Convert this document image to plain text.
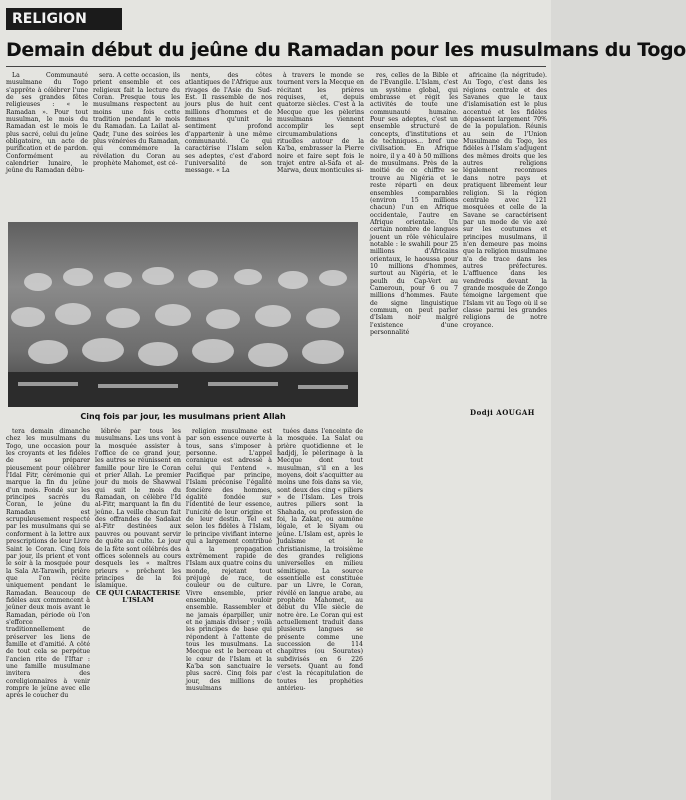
RELIGION
Demain début du jeûne du Ramadan pour les musulmans du Togo

La Communauté musulmane du Togo s'apprête à célébrer l'une de ses grandes fêtes religieuses : « le Ramadan ». Pour tout musulman, le mois du Ramadan est le mois le plus sacré, celui du jeûne obligatoire, un acte de purification et de pardon. Conformément au calendrier lunaire, le jeûne du Ramadan débu-

sera. A cette occasion, ils prient ensemble et ces religieux fait la lecture du Coran. Presque tous les musulmans respectent au moins une fois cette tradition pendant le mois du Ramadan. La Lailat al-Qadr, l'une des soirées les plus vénérées du Ramadan, qui commémore la révélation du Coran au prophète Mahomet, est cé-

nents, des côtes atlantiques de l'Afrique aux rivages de l'Asie du Sud-Est. Il rassemble de nos jours plus de huit cent millions d'hommes et de femmes qu'unit le sentiment profond d'appartenir à une même communauté. Ce qui caractérise l'Islam selon ses adeptes, c'est d'abord l'universalité de son message. « La

à travers le monde se tournent vers la Mecque en récitant les prières requises, et, depuis quatorze siècles. C'est à la Mecque que les pèlerins musulmans viennent accomplir les sept circumambulations rituelles autour de la Ka'ba, embrasser la Pierre noire et faire sept fois le trajet entre al-Safa et al-Marwa, deux monticules si-

res, celles de la Bible et de l'Evangile. L'Islam, c'est un système global, qui embrasse et régit les activités de toute une communauté humaine. Pour ses adeptes, c'est un ensemble structuré de concepts, d'institutions et de techniques... bref une civilisation. En Afrique noire, il y a 40 à 50 millions de musulmans. Près de la moitié de ce chiffre se trouve au Nigéria et le reste réparti en deux ensembles comparables (environ 15 millions chacun) l'un en Afrique occidentale, l'autre en Afrique orientale. Un certain nombre de langues jouent un rôle véhiculaire notable : le swahili pour 25 millions d'Africains orientaux, le haoussa pour 10 millions d'hommes, surtout au Nigéria, et le peulh du Cap-Vert au Cameroun, pour 6 ou 7 millions d'hommes. Faute de signe linguistique commun, on peut parler d'Islam noir malgré l'existence d'une personnalité

africaine (la négritude). Au Togo, c'est dans les régions centrale et des Savanes que le taux d'islamisation est le plus accentué et les fidèles dépassent largement 70% de la population. Réunis au sein de l'Union Musulmane du Togo, les fidèles à l'Islam s'adjugent des mêmes droits que les autres religions légalement reconnues dans notre pays et pratiquent librement leur religion. Si la région centrale avec 121 mosquées et celle de la Savane se caractérisent par un mode de vie axé sur les coutumes et principes musulmans, il n'en demeure pas moins que la religion musulmane n'a de trace dans les autres préfectures. L'affluence dans les vendredis devant la grande mosquée de Zongo témoigne largement que l'Islam vit au Togo où il se classe parmi les grandes religions de notre croyance.

Cinq fois par jour, les musulmans prient Allah	Dodji AOUGAH

tera demain dimanche chez les musulmans du Togo, une occasion pour les croyants et les fidèles de se préparer pieusement pour célébrer l'Idal Fitr, cérémonie qui marque la fin du jeûne d'un mois. Fondé sur les principes sacrés du Coran, le jeûne du Ramadan est scrupuleusement respecté par les musulmans qui se conforment à la lettre aux prescriptions de leur Livre Saint le Coran. Cinq fois par jour, ils prient et vont le soir à la mosquée pour la Sala At-Tarawih, prière que l'on récite uniquement pendant le Ramadan. Beaucoup de fidèles aux commencent à jeûner deux mois avant le Ramadan, période où l'on s'efforce traditionnellement de préserver les liens de famille et d'amitié. A côté de tout cela se perpétue l'ancien rite de l'Iftar : une famille musulmane invitera des coreligionnaires à venir rompre le jeûne avec elle après le coucher du

lébrée par tous les musulmans. Les uns vont à la mosquée assister à l'office de ce grand jour, les autres se réunissent en famille pour lire le Coran et prier Allah. Le premier jour du mois de Shawwal qui suit le mois du Ramadan, on célèbre l'Id al-Fitr, marquant la fin du jeûne. La veille chacun fait des offrandes de Sadakat al-Fitr destinées aux pauvres ou pouvant servir de quête au culte. Le jour de la fête sont célébrés des offices solennels au cours desquels les « maîtres prieurs » prêchent les principes de la foi islamique.

CE QUI CARACTERISE L'ISLAM

religion musulmane est par son essence ouverte à tous, sans s'imposer à personne. L'appel coranique est adressé à celui qui l'entend ». Pacifique par principe, l'Islam préconise l'égalité foncière des hommes, égalité fondée sur l'identité de leur essence, l'unicité de leur origine et de leur destin. Tel est selon les fidèles à l'Islam, le principe vivifiant interne qui a largement contribué à la propagation extrêmement rapide de l'Islam aux quatre coins du monde, rejetant tout préjugé de race, de couleur ou de culture. Vivre ensemble, prier ensemble, vouloir ensemble. Rassembler et ne jamais éparpiller, unir et ne jamais diviser ; voilà les principes de base qui répondent à l'attente de tous les musulmans. La Mecque est le berceau et le cœur de l'Islam et la Ka'ba son sanctuaire le plus sacré. Cinq fois par jour, des millions de musulmans

tuées dans l'enceinte de la mosquée. La Salat ou prière quotidienne et le hadjdj, le pèlerinage à la Mecque dont tout musulman, s'il en a les moyens, doit s'acquitter au moins une fois dans sa vie, sont deux des cinq « piliers » de l'Islam. Les trois autres piliers sont la Shahada, ou profession de foi, la Zakat, ou aumône légale, et le Siyam ou jeûne. L'Islam est, après le Judaïsme et le christianisme, la troisième des grandes religions universelles en milieu sémitique. La source essentielle est constituée par un Livre, le Coran, révélé en langue arabe, au prophète Mahomet, au début du VIIe siècle de notre ère. Le Coran qui est actuellement traduit dans plusieurs langues se présente comme une succession de 114 chapitres (ou Sourates) subdivisés en 6 226 versets. Quant au fond c'est la récapitulation de toutes les prophéties antérieu-
